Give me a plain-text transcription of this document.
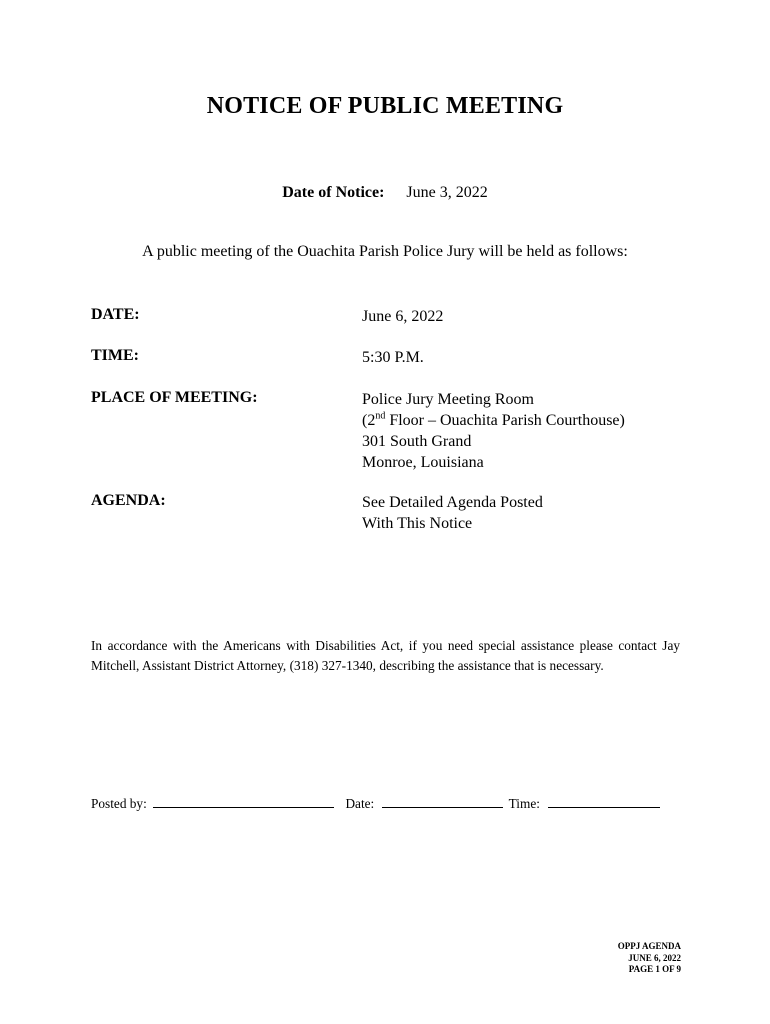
NOTICE OF PUBLIC MEETING
Date of Notice: June 3, 2022
A public meeting of the Ouachita Parish Police Jury will be held as follows:
DATE:	June 6, 2022
TIME:	5:30 P.M.
PLACE OF MEETING:	Police Jury Meeting Room
(2nd Floor – Ouachita Parish Courthouse)
301 South Grand
Monroe, Louisiana
AGENDA:	See Detailed Agenda Posted
With This Notice
In accordance with the Americans with Disabilities Act, if you need special assistance please contact Jay Mitchell, Assistant District Attorney, (318) 327-1340, describing the assistance that is necessary.
Posted by:	Date:	Time:
OPPJ AGENDA
JUNE 6, 2022
PAGE 1 OF 9
